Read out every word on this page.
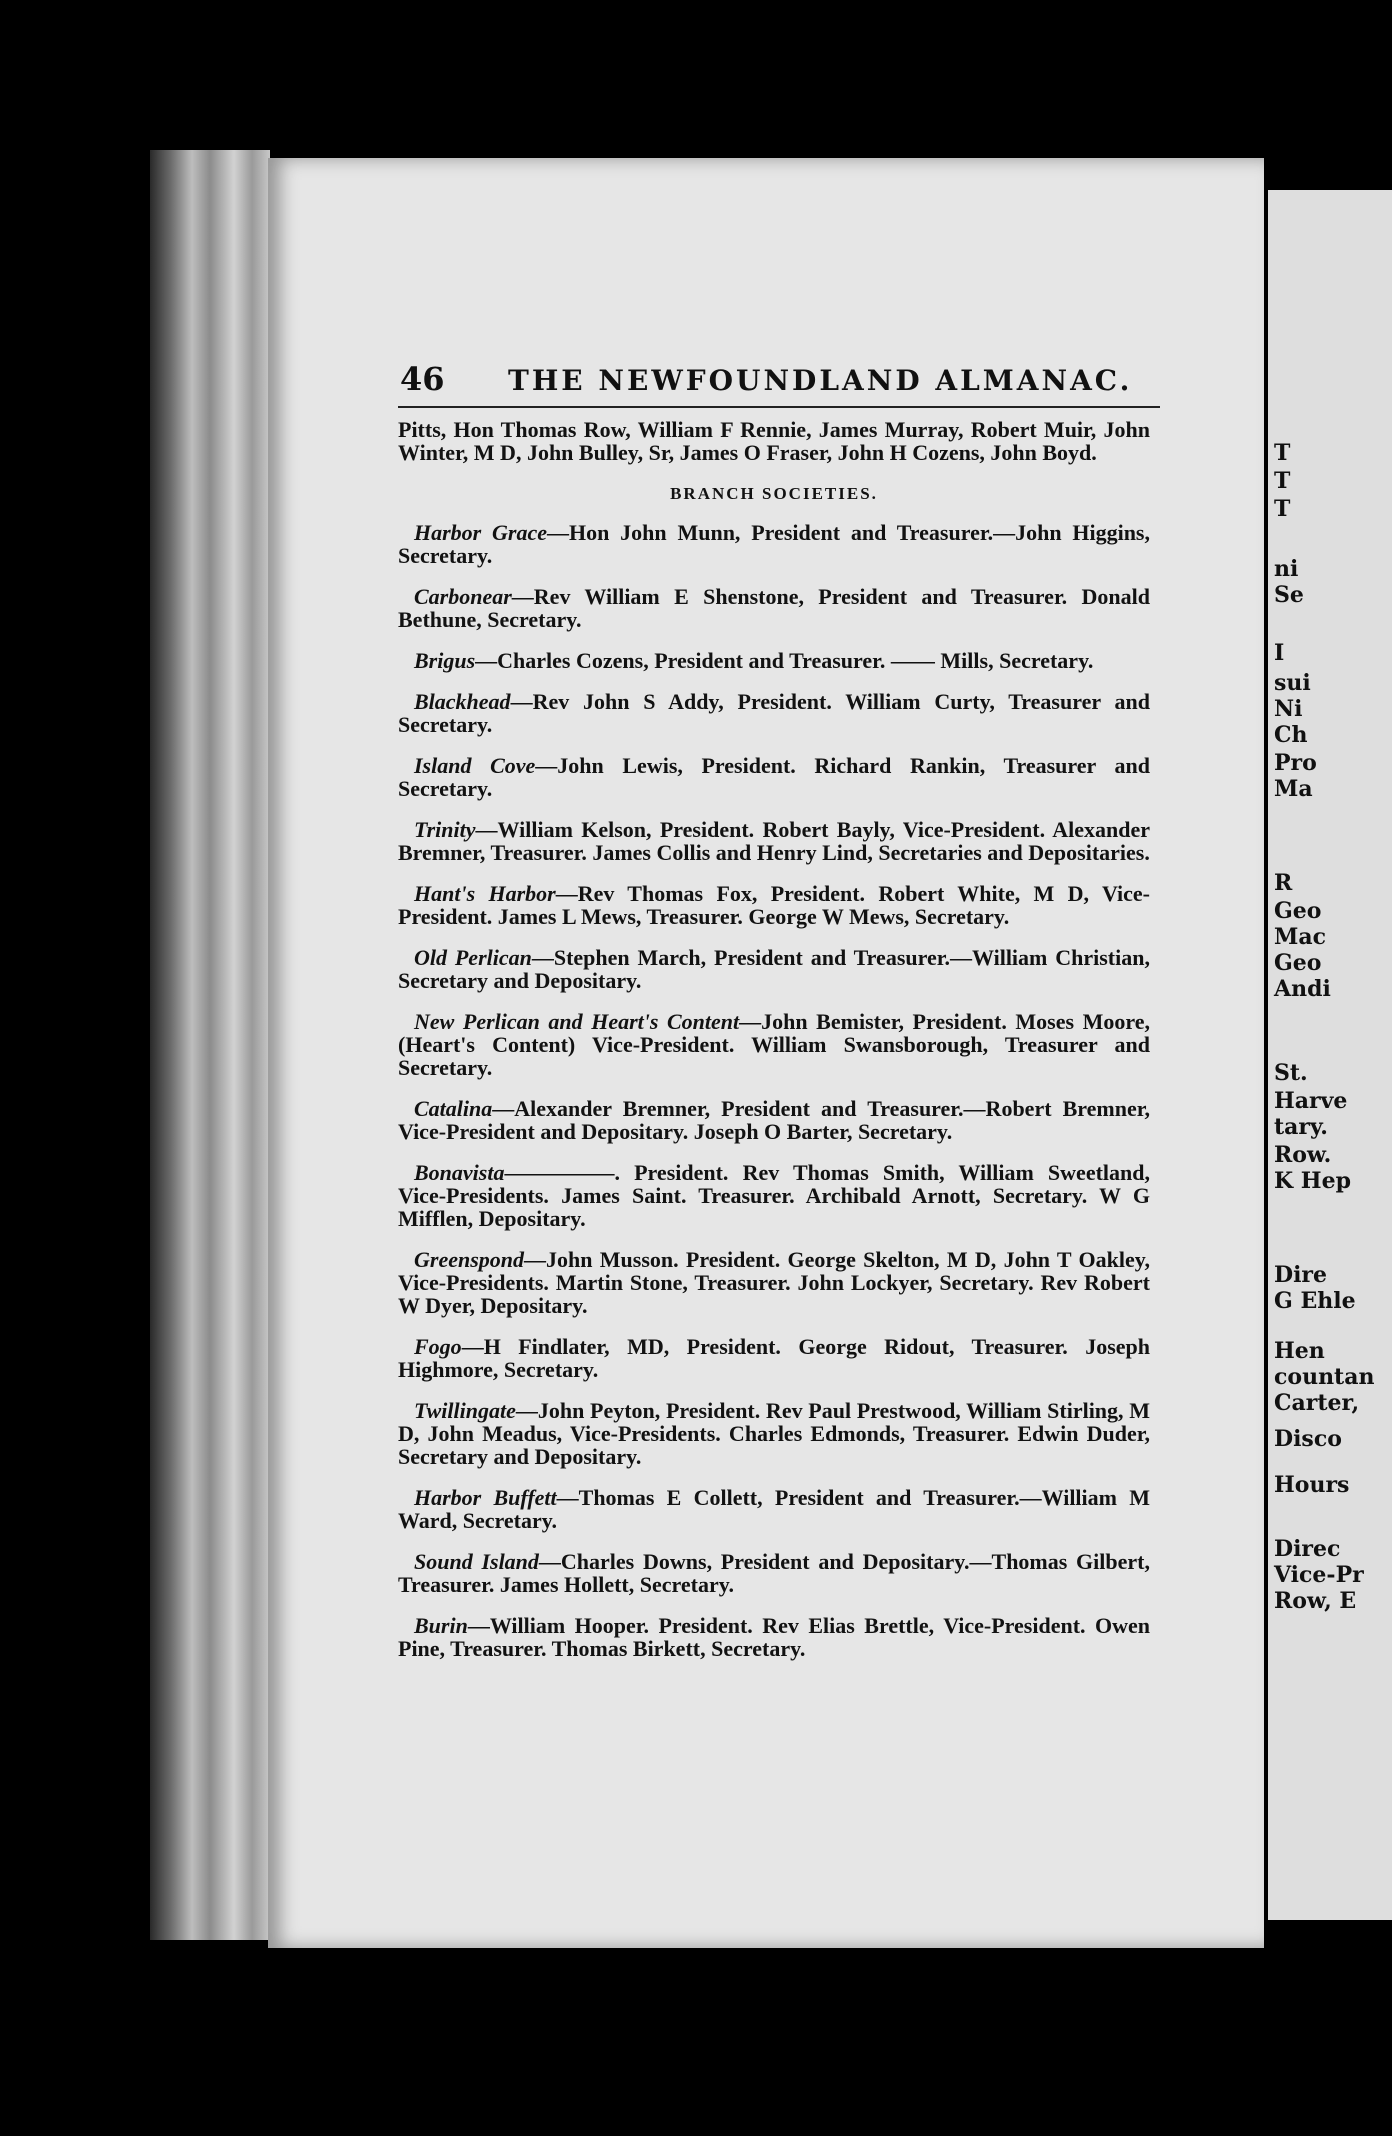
46 THE NEWFOUNDLAND ALMANAC.

Pitts, Hon Thomas Row, William F Rennie, James Murray, Robert Muir, John Winter, M D, John Bulley, Sr, James O Fraser, John H Cozens, John Boyd.

BRANCH SOCIETIES.

Harbor Grace—Hon John Munn, President and Treasurer.—John Higgins, Secretary.

Carbonear—Rev William E Shenstone, President and Treasurer. Donald Bethune, Secretary.

Brigus—Charles Cozens, President and Treasurer. —— Mills, Secretary.

Blackhead—Rev John S Addy, President. William Curty, Treasurer and Secretary.

Island Cove—John Lewis, President. Richard Rankin, Treasurer and Secretary.

Trinity—William Kelson, President. Robert Bayly, Vice-President. Alexander Bremner, Treasurer. James Collis and Henry Lind, Secretaries and Depositaries.

Hant's Harbor—Rev Thomas Fox, President. Robert White, M D, Vice-President. James L Mews, Treasurer. George W Mews, Secretary.

Old Perlican—Stephen March, President and Treasurer.—William Christian, Secretary and Depositary.

New Perlican and Heart's Content—John Bemister, President. Moses Moore, (Heart's Content) Vice-President. William Swansborough, Treasurer and Secretary.

Catalina—Alexander Bremner, President and Treasurer.—Robert Bremner, Vice-President and Depositary. Joseph O Barter, Secretary.

Bonavista—————. President. Rev Thomas Smith, William Sweetland, Vice-Presidents. James Saint. Treasurer. Archibald Arnott, Secretary. W G Mifflen, Depositary.

Greenspond—John Musson. President. George Skelton, M D, John T Oakley, Vice-Presidents. Martin Stone, Treasurer. John Lockyer, Secretary. Rev Robert W Dyer, Depositary.

Fogo—H Findlater, MD, President. George Ridout, Treasurer. Joseph Highmore, Secretary.

Twillingate—John Peyton, President. Rev Paul Prestwood, William Stirling, M D, John Meadus, Vice-Presidents. Charles Edmonds, Treasurer. Edwin Duder, Secretary and Depositary.

Harbor Buffett—Thomas E Collett, President and Treasurer.—William M Ward, Secretary.

Sound Island—Charles Downs, President and Depositary.—Thomas Gilbert, Treasurer. James Hollett, Secretary.

Burin—William Hooper. President. Rev Elias Brettle, Vice-President. Owen Pine, Treasurer. Thomas Birkett, Secretary.

T
T
T
ni
Se
I
sui
Ni
Ch
Pro
Ma
R
Geo
Mac
Geo
Andi
St.
Harve
tary.
Row.
K Hep
Dire
G Ehle
Hen
countan
Carter,
Disco
Hours
Direc
Vice-Pr
Row, E
